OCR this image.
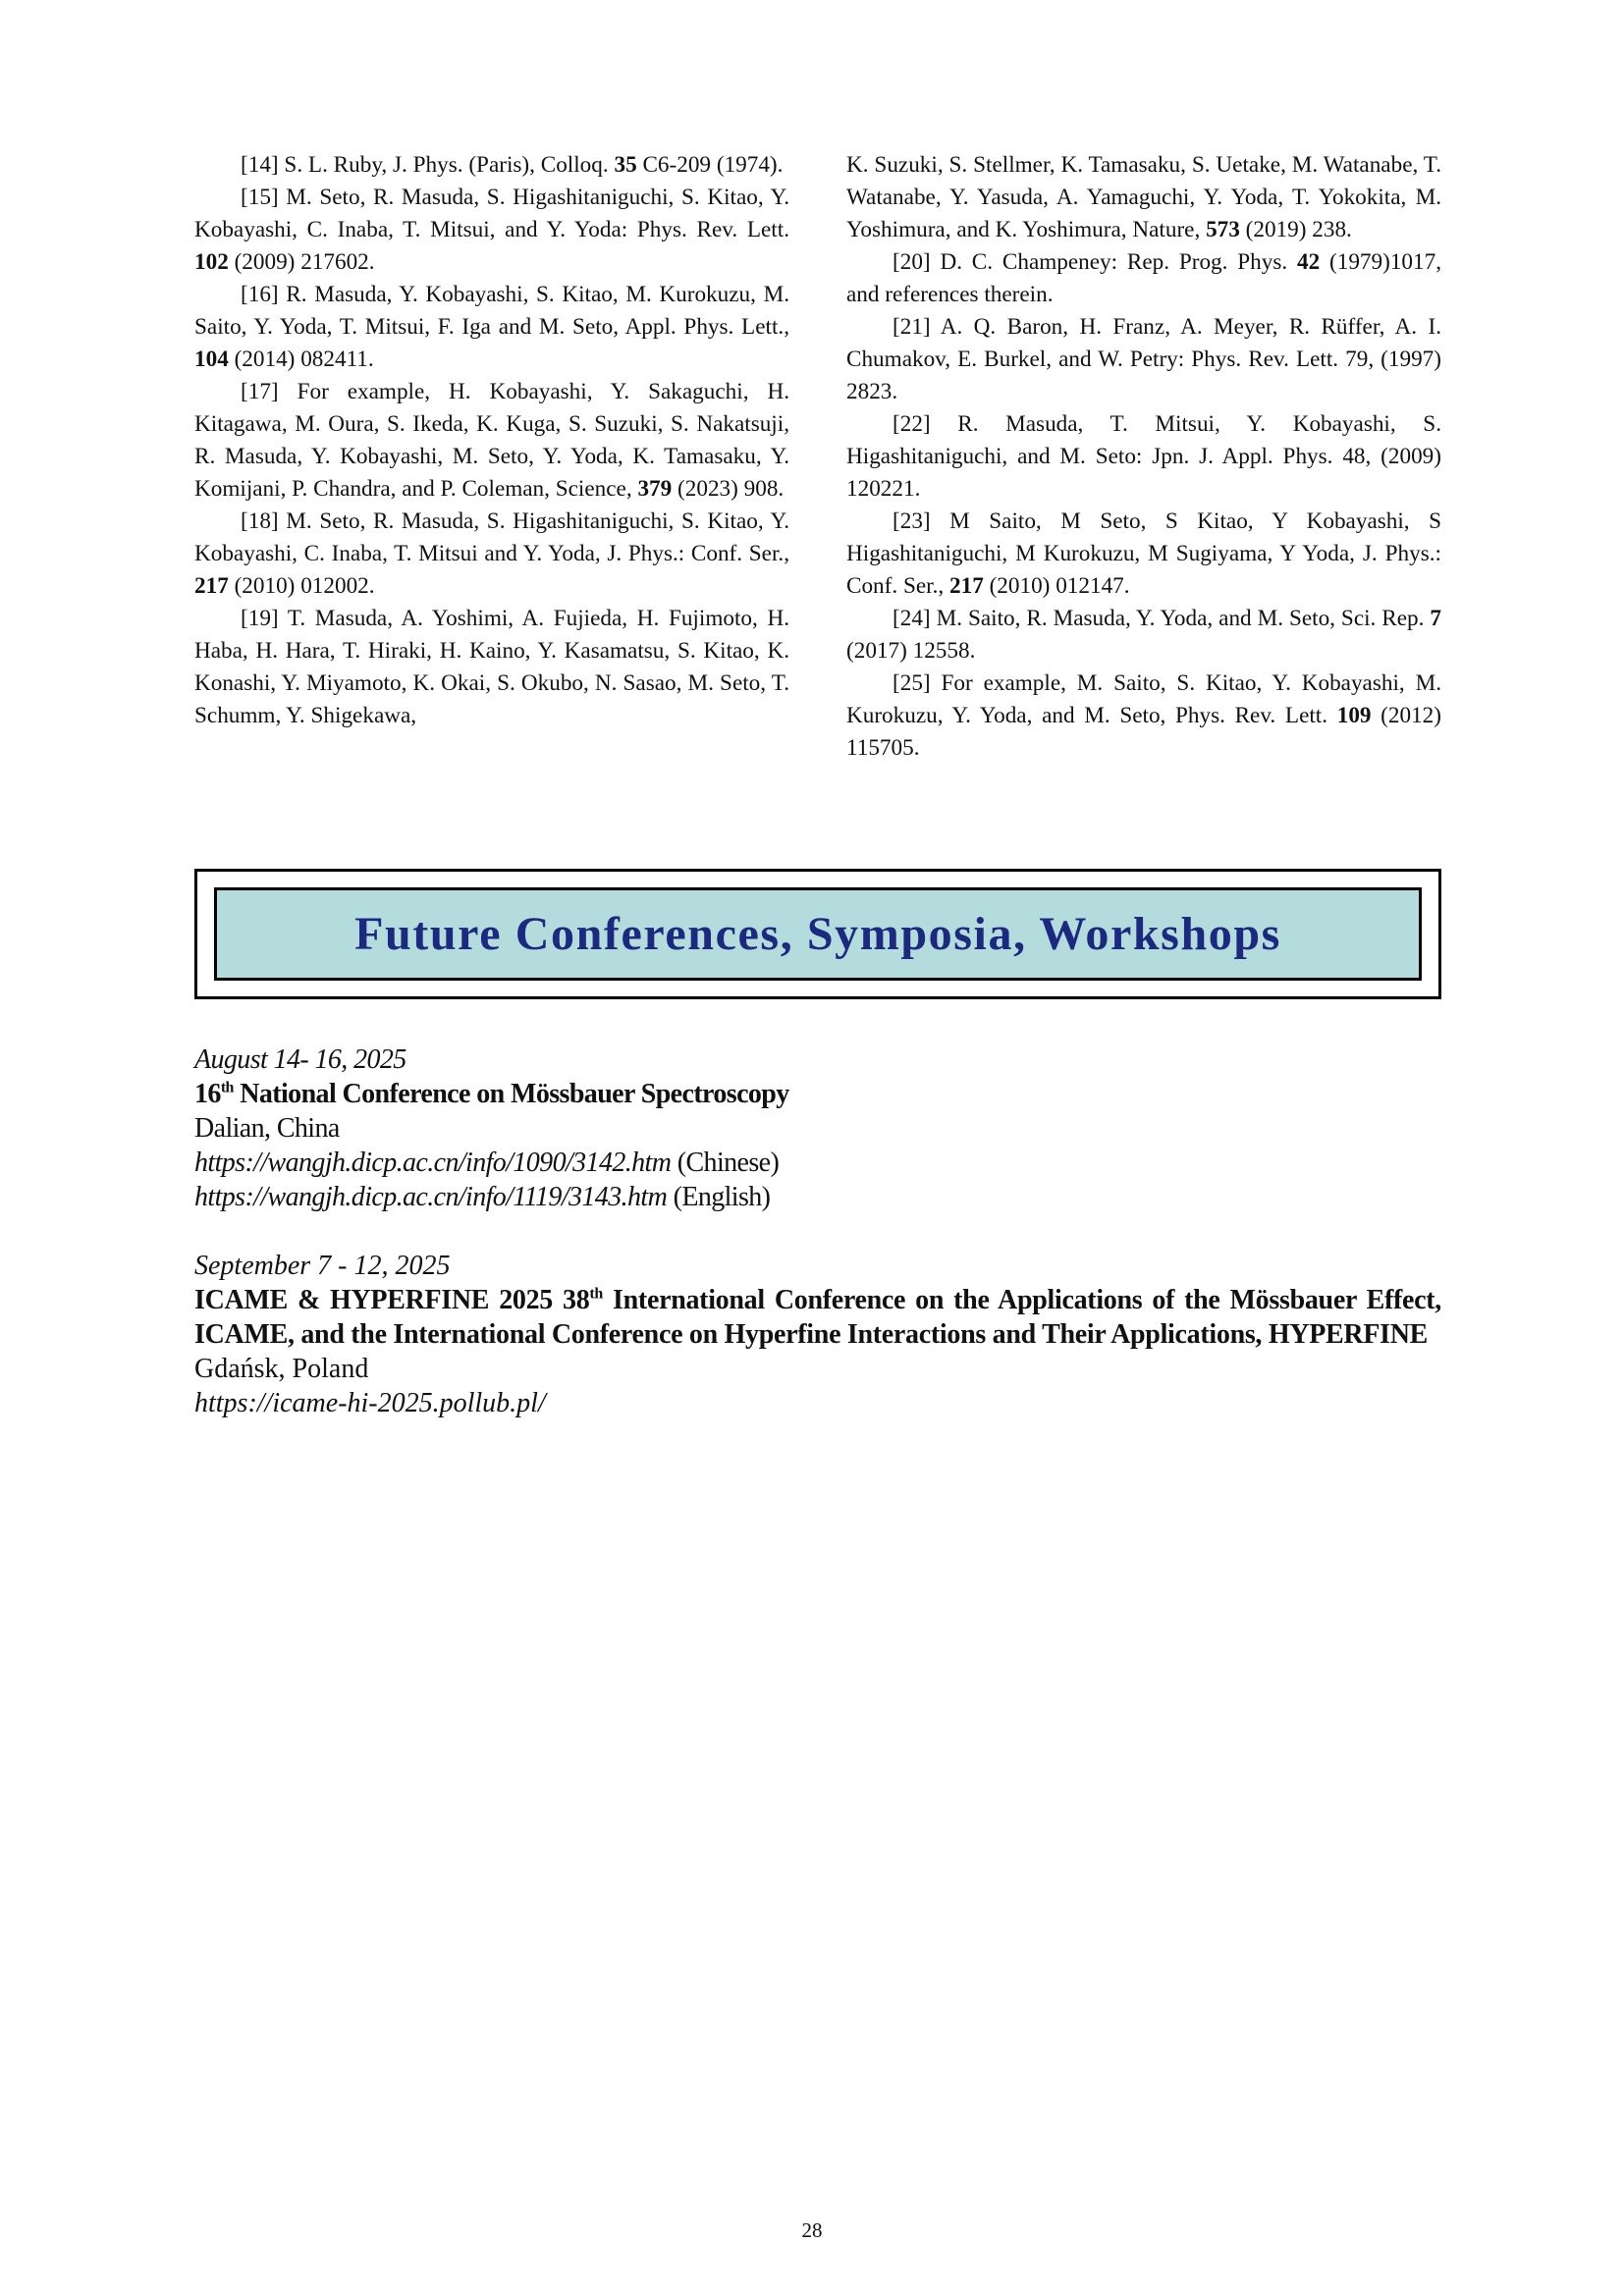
[14] S. L. Ruby, J. Phys. (Paris), Colloq. 35 C6-209 (1974).

[15] M. Seto, R. Masuda, S. Higashitaniguchi, S. Kitao, Y. Kobayashi, C. Inaba, T. Mitsui, and Y. Yoda: Phys. Rev. Lett. 102 (2009) 217602.

[16] R. Masuda, Y. Kobayashi, S. Kitao, M. Kurokuzu, M. Saito, Y. Yoda, T. Mitsui, F. Iga and M. Seto, Appl. Phys. Lett., 104 (2014) 082411.

[17] For example, H. Kobayashi, Y. Sakaguchi, H. Kitagawa, M. Oura, S. Ikeda, K. Kuga, S. Suzuki, S. Nakatsuji, R. Masuda, Y. Kobayashi, M. Seto, Y. Yoda, K. Tamasaku, Y. Komijani, P. Chandra, and P. Coleman, Science, 379 (2023) 908.

[18] M. Seto, R. Masuda, S. Higashitaniguchi, S. Kitao, Y. Kobayashi, C. Inaba, T. Mitsui and Y. Yoda, J. Phys.: Conf. Ser., 217 (2010) 012002.

[19] T. Masuda, A. Yoshimi, A. Fujieda, H. Fujimoto, H. Haba, H. Hara, T. Hiraki, H. Kaino, Y. Kasamatsu, S. Kitao, K. Konashi, Y. Miyamoto, K. Okai, S. Okubo, N. Sasao, M. Seto, T. Schumm, Y. Shigekawa,

K. Suzuki, S. Stellmer, K. Tamasaku, S. Uetake, M. Watanabe, T. Watanabe, Y. Yasuda, A. Yamaguchi, Y. Yoda, T. Yokokita, M. Yoshimura, and K. Yoshimura, Nature, 573 (2019) 238.

[20] D. C. Champeney: Rep. Prog. Phys. 42 (1979)1017, and references therein.

[21] A. Q. Baron, H. Franz, A. Meyer, R. Rüffer, A. I. Chumakov, E. Burkel, and W. Petry: Phys. Rev. Lett. 79, (1997) 2823.

[22] R. Masuda, T. Mitsui, Y. Kobayashi, S. Higashitaniguchi, and M. Seto: Jpn. J. Appl. Phys. 48, (2009) 120221.

[23] M Saito, M Seto, S Kitao, Y Kobayashi, S Higashitaniguchi, M Kurokuzu, M Sugiyama, Y Yoda, J. Phys.: Conf. Ser., 217 (2010) 012147.

[24] M. Saito, R. Masuda, Y. Yoda, and M. Seto, Sci. Rep. 7 (2017) 12558.

[25] For example, M. Saito, S. Kitao, Y. Kobayashi, M. Kurokuzu, Y. Yoda, and M. Seto, Phys. Rev. Lett. 109 (2012) 115705.

Future Conferences, Symposia, Workshops

August 14- 16, 2025

16th National Conference on Mössbauer Spectroscopy

Dalian, China

https://wangjh.dicp.ac.cn/info/1090/3142.htm (Chinese)

https://wangjh.dicp.ac.cn/info/1119/3143.htm (English)

September 7 - 12, 2025

ICAME & HYPERFINE 2025 38th International Conference on the Applications of the Mössbauer Effect, ICAME, and the International Conference on Hyperfine Interactions and Their Applications, HYPERFINE

Gdańsk, Poland

https://icame-hi-2025.pollub.pl/

28
